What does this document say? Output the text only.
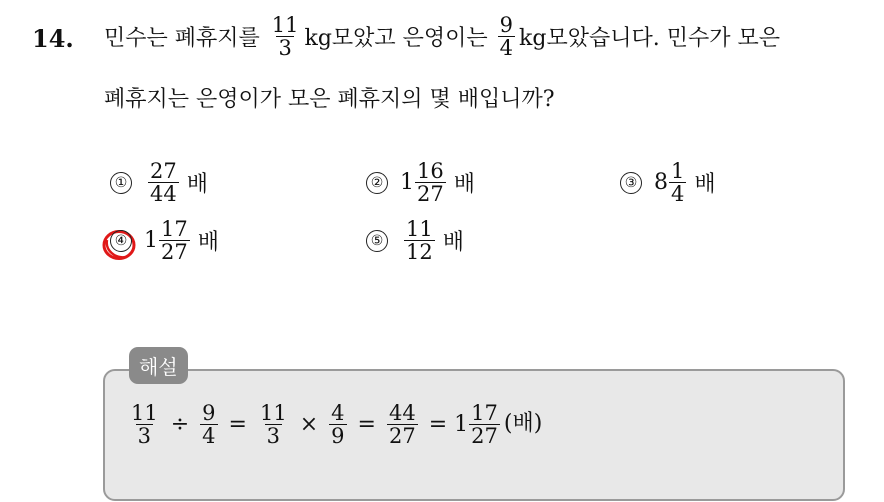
14. 민수는 폐휴지를 $\frac{11}{3}$ kg모았고 은영이는 $\frac{9}{4}$ kg모았습니다. 민수가 모은
폐휴지는 은영이가 모은 폐휴지의 몇 배입니까?
① $\frac{27}{44}$ 배	② $1 \frac{16}{27}$ 배	③ $8 \frac{1}{4}$ 배
④ $1 \frac{17}{27}$ 배	⑤ $\frac{11}{12}$ 배
해설
$\frac{11}{3} \div \frac{9}{4} = \frac{11}{3} \times \frac{4}{9} = \frac{44}{27} = 1 \frac{17}{27}$ (배)
